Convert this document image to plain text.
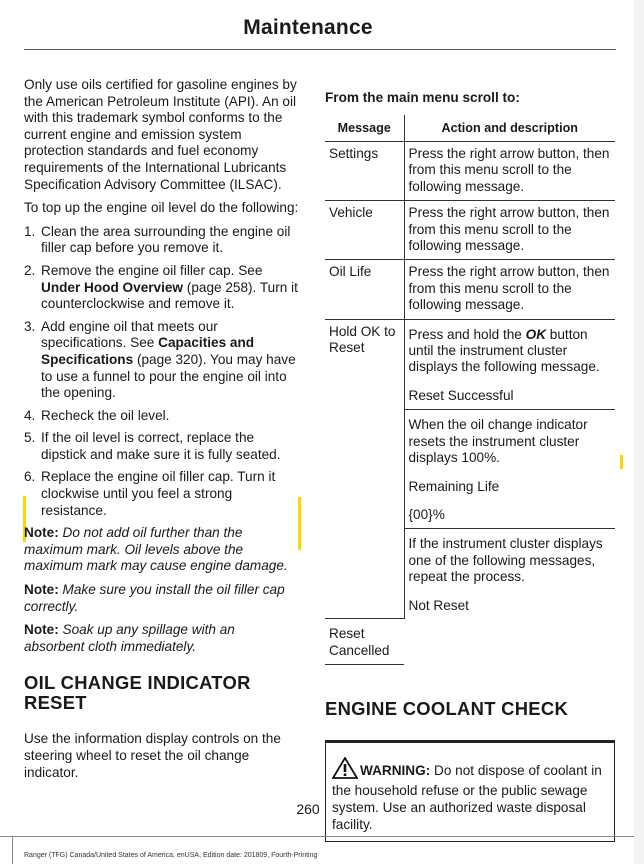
Maintenance

Only use oils certified for gasoline engines by the American Petroleum Institute (API). An oil with this trademark symbol conforms to the current engine and emission system protection standards and fuel economy requirements of the International Lubricants Specification Advisory Committee (ILSAC).

To top up the engine oil level do the following:

1. Clean the area surrounding the engine oil filler cap before you remove it.
2. Remove the engine oil filler cap. See Under Hood Overview (page 258). Turn it counterclockwise and remove it.
3. Add engine oil that meets our specifications. See Capacities and Specifications (page 320). You may have to use a funnel to pour the engine oil into the opening.
4. Recheck the oil level.
5. If the oil level is correct, replace the dipstick and make sure it is fully seated.
6. Replace the engine oil filler cap. Turn it clockwise until you feel a strong resistance.

Note: Do not add oil further than the maximum mark. Oil levels above the maximum mark may cause engine damage.

Note: Make sure you install the oil filler cap correctly.

Note: Soak up any spillage with an absorbent cloth immediately.

OIL CHANGE INDICATOR RESET

Use the information display controls on the steering wheel to reset the oil change indicator.

From the main menu scroll to:
Message	Action and description
Settings	Press the right arrow button, then from this menu scroll to the following message.
Vehicle	Press the right arrow button, then from this menu scroll to the following message.
Oil Life	Press the right arrow button, then from this menu scroll to the following message.
Hold OK to Reset	Press and hold the OK button until the instrument cluster displays the following message.
	Reset Successful
	When the oil change indicator resets the instrument cluster displays 100%.
	Remaining Life
	{00}%
	If the instrument cluster displays one of the following messages, repeat the process.
	Not Reset
Reset Cancelled	
ENGINE COOLANT CHECK
WARNING: Do not dispose of coolant in the household refuse or the public sewage system. Use an authorized waste disposal facility.
260
Ranger (TFG) Canada/United States of America, enUSA, Edition date: 201809, Fourth-Printing
